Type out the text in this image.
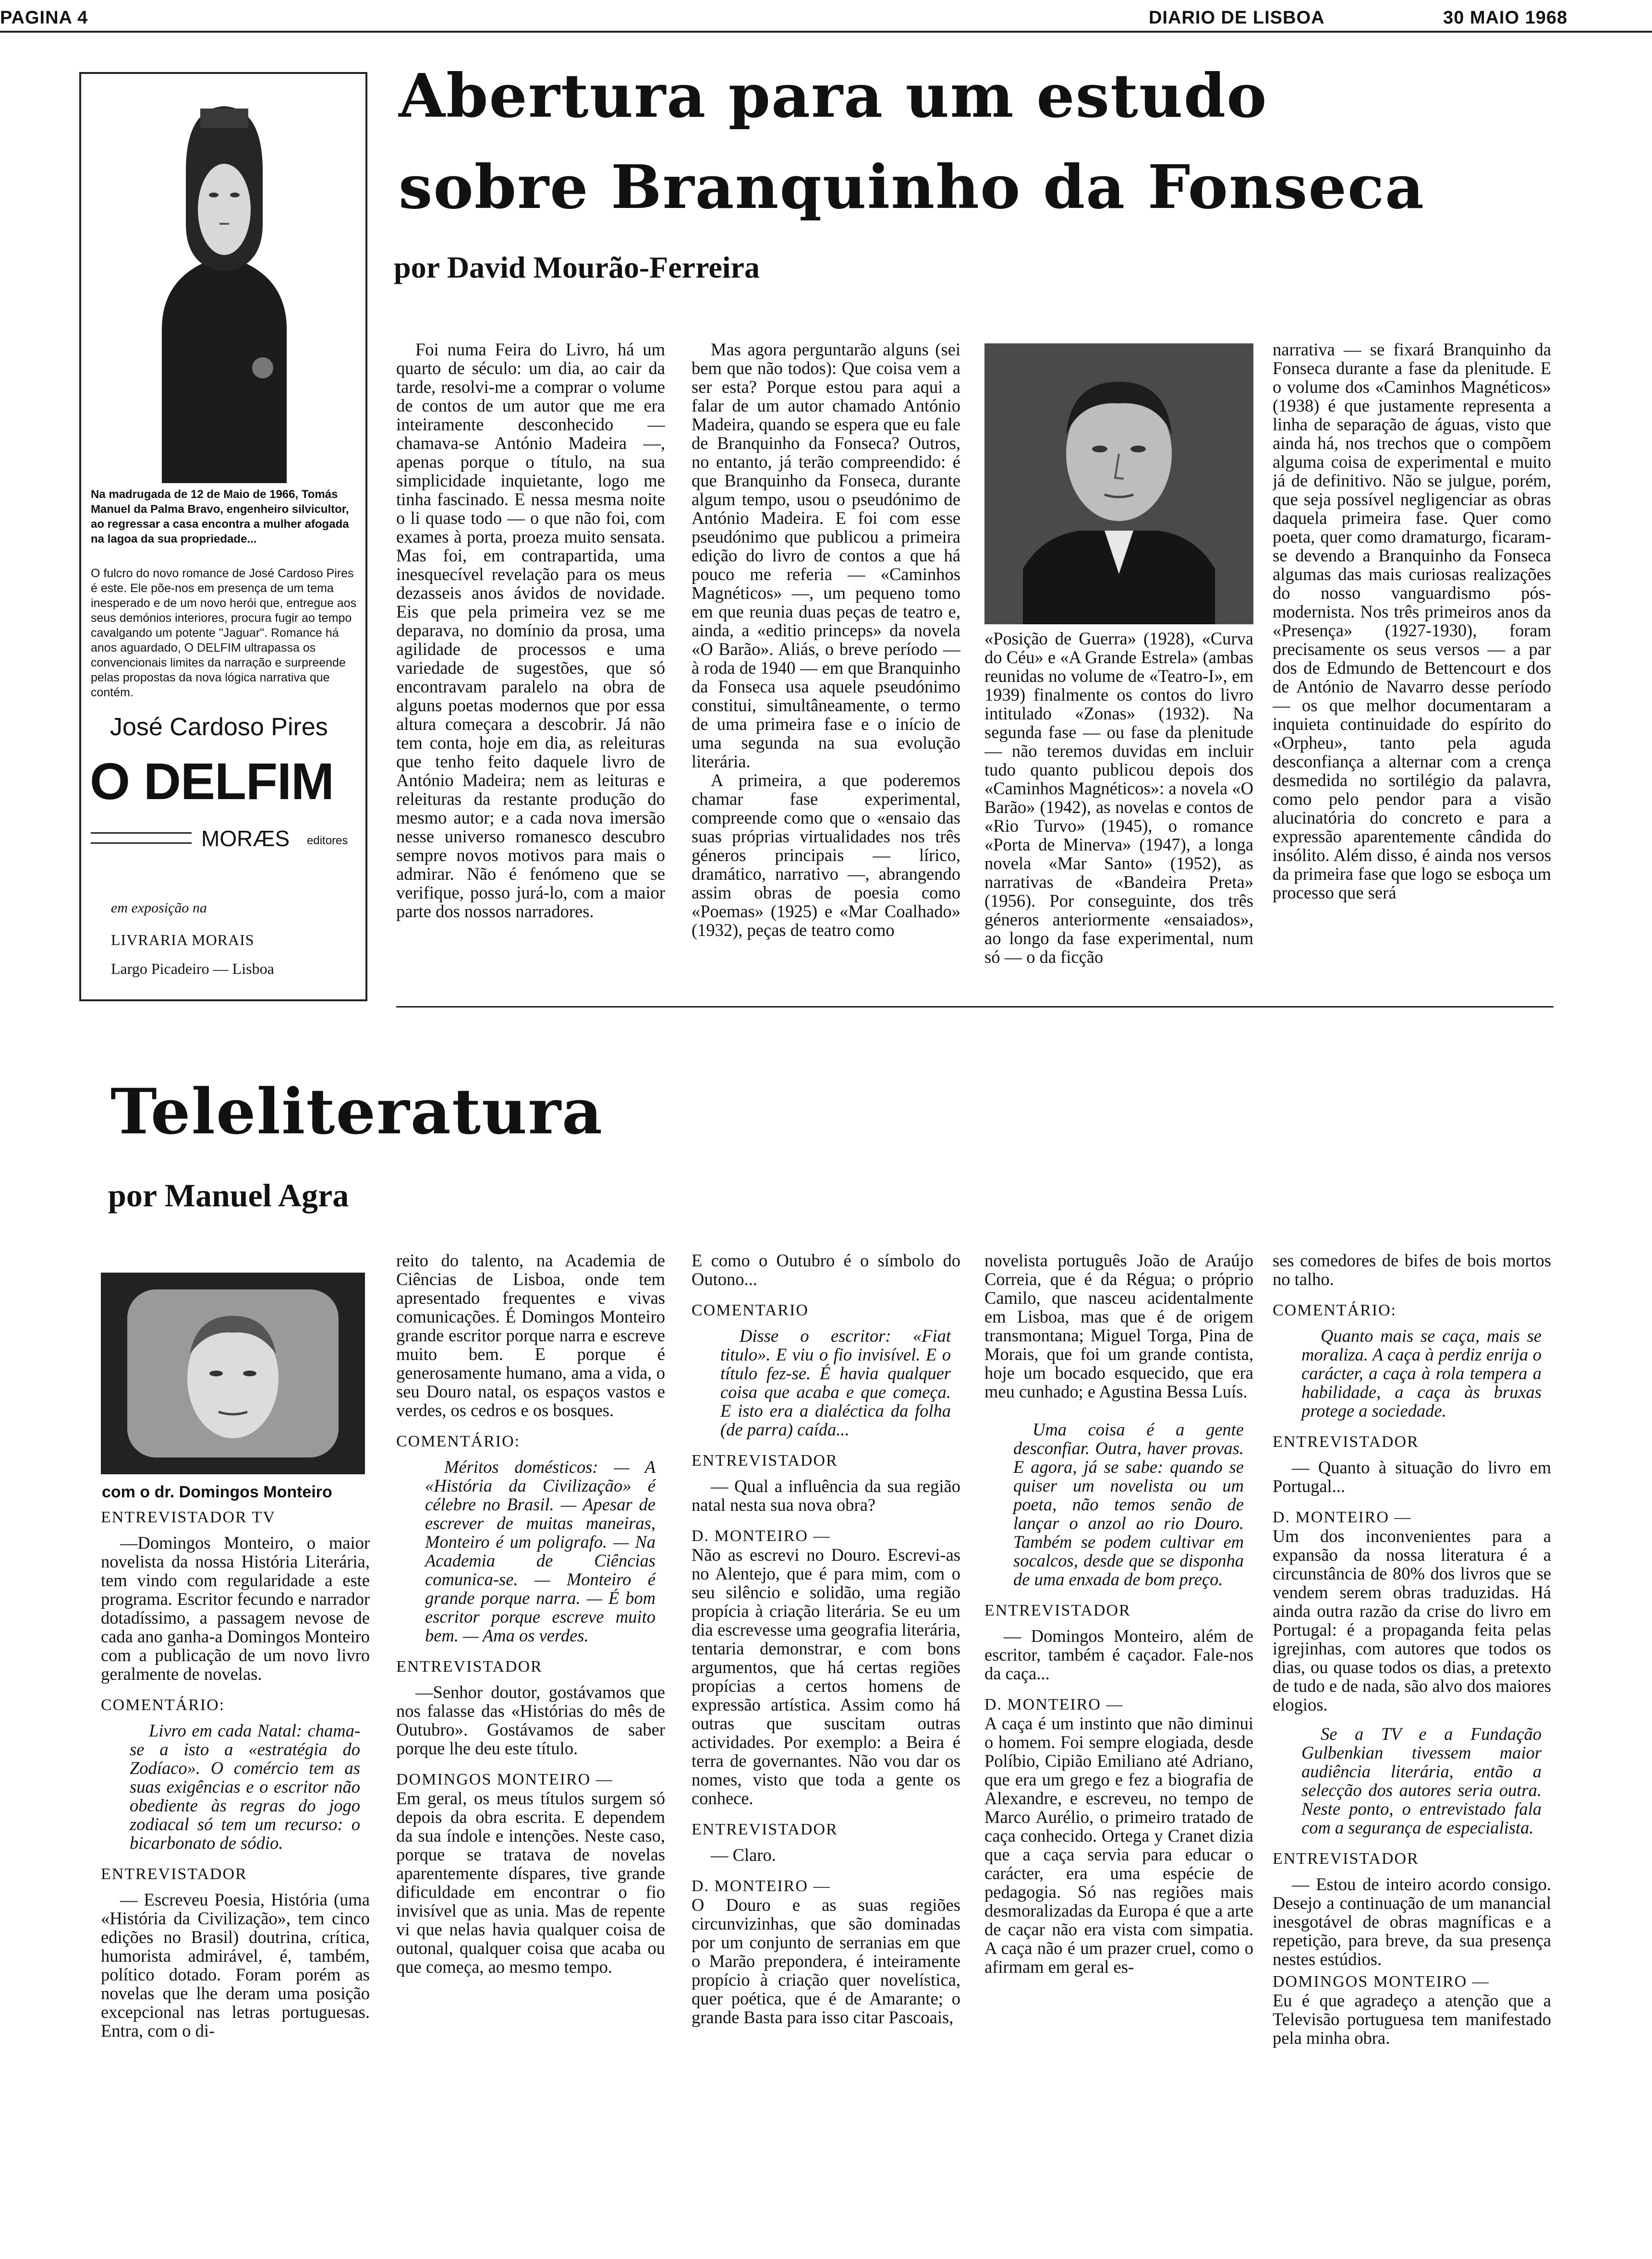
PAGINA 4	DIARIO DE LISBOA	30 MAIO 1968
Na madrugada de 12 de Maio de 1966, Tomás Manuel da Palma Bravo, engenheiro silvicultor, ao regressar a casa encontra a mulher afogada na lagoa da sua propriedade...
O fulcro do novo romance de José Cardoso Pires é este. Ele põe-nos em presença de um tema inesperado e de um novo herói que, entregue aos seus demónios interiores, procura fugir ao tempo cavalgando um potente "Jaguar". Romance há anos aguardado, O DELFIM ultrapassa os convencionais limites da narração e surpreende pelas propostas da nova lógica narrativa que contém.
José Cardoso Pires
O DELFIM
MORÆS editores
em exposição na
LIVRARIA MORAIS
Largo Picadeiro — Lisboa
Abertura para um estudo
sobre Branquinho da Fonseca
por David Mourão-Ferreira

Foi numa Feira do Livro, há um quarto de século: um dia, ao cair da tarde, resolvi-me a comprar o volume de contos de um autor que me era inteiramente desconhecido — chamava-se António Madeira —, apenas porque o título, na sua simplicidade inquietante, logo me tinha fascinado. E nessa mesma noite o li quase todo — o que não foi, com exames à porta, proeza muito sensata. Mas foi, em contrapartida, uma inesquecível revelação para os meus dezasseis anos ávidos de novidade. Eis que pela primeira vez se me deparava, no domínio da prosa, uma agilidade de processos e uma variedade de sugestões, que só encontravam paralelo na obra de alguns poetas modernos que por essa altura começara a descobrir. Já não tem conta, hoje em dia, as releituras que tenho feito daquele livro de António Madeira; nem as leituras e releituras da restante produção do mesmo autor; e a cada nova imersão nesse universo romanesco descubro sempre novos motivos para mais o admirar. Não é fenómeno que se verifique, posso jurá-lo, com a maior parte dos nossos narradores.

Mas agora perguntarão alguns (sei bem que não todos): Que coisa vem a ser esta? Porque estou para aqui a falar de um autor chamado António Madeira, quando se espera que eu fale de Branquinho da Fonseca? Outros, no entanto, já terão compreendido: é que Branquinho da Fonseca, durante algum tempo, usou o pseudónimo de António Madeira. E foi com esse pseudónimo que publicou a primeira edição do livro de contos a que há pouco me referia — «Caminhos Magnéticos» —, um pequeno tomo em que reunia duas peças de teatro e, ainda, a «editio princeps» da novela «O Barão». Aliás, o breve período — à roda de 1940 — em que Branquinho da Fonseca usa aquele pseudónimo constitui, simultâneamente, o termo de uma primeira fase e o início de uma segunda na sua evolução literária.

A primeira, a que poderemos chamar fase experimental, compreende como que o «ensaio das suas próprias virtualidades nos três géneros principais — lírico, dramático, narrativo —, abrangendo assim obras de poesia como «Poemas» (1925) e «Mar Coalhado» (1932), peças de teatro como

«Posição de Guerra» (1928), «Curva do Céu» e «A Grande Estrela» (ambas reunidas no volume de «Teatro-I», em 1939) finalmente os contos do livro intitulado «Zonas» (1932). Na segunda fase — ou fase da plenitude — não teremos duvidas em incluir tudo quanto publicou depois dos «Caminhos Magnéticos»: a novela «O Barão» (1942), as novelas e contos de «Rio Turvo» (1945), o romance «Porta de Minerva» (1947), a longa novela «Mar Santo» (1952), as narrativas de «Bandeira Preta» (1956). Por conseguinte, dos três géneros anteriormente «ensaiados», ao longo da fase experimental, num só — o da ficção

narrativa — se fixará Branquinho da Fonseca durante a fase da plenitude. E o volume dos «Caminhos Magnéticos» (1938) é que justamente representa a linha de separação de águas, visto que ainda há, nos trechos que o compõem alguma coisa de experimental e muito já de definitivo. Não se julgue, porém, que seja possível negligenciar as obras daquela primeira fase. Quer como poeta, quer como dramaturgo, ficaram-se devendo a Branquinho da Fonseca algumas das mais curiosas realizações do nosso vanguardismo pós-modernista. Nos três primeiros anos da «Presença» (1927-1930), foram precisamente os seus versos — a par dos de Edmundo de Bettencourt e dos de António de Navarro desse período — os que melhor documentaram a inquieta continuidade do espírito do «Orpheu», tanto pela aguda desconfiança a alternar com a crença desmedida no sortilégio da palavra, como pelo pendor para a visão alucinatória do concreto e para a expressão aparentemente cândida do insólito. Além disso, é ainda nos versos da primeira fase que logo se esboça um processo que será

Teleliteratura
por Manuel Agra
com o dr. Domingos Monteiro

ENTREVISTADOR TV

—Domingos Monteiro, o maior novelista da nossa História Literária, tem vindo com regularidade a este programa. Escritor fecundo e narrador dotadíssimo, a passagem nevose de cada ano ganha-a Domingos Monteiro com a publicação de um novo livro geralmente de novelas.

COMENTÁRIO:

Livro em cada Natal: chama-se a isto a «estratégia do Zodíaco». O comércio tem as suas exigências e o escritor não obediente às regras do jogo zodiacal só tem um recurso: o bicarbonato de sódio.

ENTREVISTADOR

— Escreveu Poesia, História (uma «História da Civilização», tem cinco edições no Brasil) doutrina, crítica, humorista admirável, é, também, político dotado. Foram porém as novelas que lhe deram uma posição excepcional nas letras portuguesas. Entra, com o di-

reito do talento, na Academia de Ciências de Lisboa, onde tem apresentado frequentes e vivas comunicações. É Domingos Monteiro grande escritor porque narra e escreve muito bem. E porque é generosamente humano, ama a vida, o seu Douro natal, os espaços vastos e verdes, os cedros e os bosques.

COMENTÁRIO:

Méritos domésticos: — A «História da Civilização» é célebre no Brasil. — Apesar de escrever de muitas maneiras, Monteiro é um poligrafo. — Na Academia de Ciências comunica-se. — Monteiro é grande porque narra. — É bom escritor porque escreve muito bem. — Ama os verdes.

ENTREVISTADOR

—Senhor doutor, gostávamos que nos falasse das «Histórias do mês de Outubro». Gostávamos de saber porque lhe deu este título.

DOMINGOS MONTEIRO —

Em geral, os meus títulos surgem só depois da obra escrita. E dependem da sua índole e intenções. Neste caso, porque se tratava de novelas aparentemente díspares, tive grande dificuldade em encontrar o fio invisível que as unia. Mas de repente vi que nelas havia qualquer coisa de outonal, qualquer coisa que acaba ou que começa, ao mesmo tempo.

E como o Outubro é o símbolo do Outono...

COMENTARIO

Disse o escritor: «Fiat titulo». E viu o fio invisível. E o título fez-se. É havia qualquer coisa que acaba e que começa. E isto era a dialéctica da folha (de parra) caída...

ENTREVISTADOR

— Qual a influência da sua região natal nesta sua nova obra?

D. MONTEIRO —

Não as escrevi no Douro. Escrevi-as no Alentejo, que é para mim, com o seu silêncio e solidão, uma região propícia à criação literária. Se eu um dia escrevesse uma geografia literária, tentaria demonstrar, e com bons argumentos, que há certas regiões propícias a certos homens de expressão artística. Assim como há outras que suscitam outras actividades. Por exemplo: a Beira é terra de governantes. Não vou dar os nomes, visto que toda a gente os conhece.

ENTREVISTADOR

— Claro.

D. MONTEIRO —

O Douro e as suas regiões circunvizinhas, que são dominadas por um conjunto de serranias em que o Marão prepondera, é inteiramente propício à criação quer novelística, quer poética, que é de Amarante; o grande Basta para isso citar Pascoais,

novelista português João de Araújo Correia, que é da Régua; o próprio Camilo, que nasceu acidentalmente em Lisboa, mas que é de origem transmontana; Miguel Torga, Pina de Morais, que foi um grande contista, hoje um bocado esquecido, que era meu cunhado; e Agustina Bessa Luís.

Uma coisa é a gente desconfiar. Outra, haver provas. E agora, já se sabe: quando se quiser um novelista ou um poeta, não temos senão de lançar o anzol ao rio Douro. Também se podem cultivar em socalcos, desde que se disponha de uma enxada de bom preço.

ENTREVISTADOR

— Domingos Monteiro, além de escritor, também é caçador. Fale-nos da caça...

D. MONTEIRO —

A caça é um instinto que não diminui o homem. Foi sempre elogiada, desde Políbio, Cipião Emiliano até Adriano, que era um grego e fez a biografia de Alexandre, e escreveu, no tempo de Marco Aurélio, o primeiro tratado de caça conhecido. Ortega y Cranet dizia que a caça servia para educar o carácter, era uma espécie de pedagogia. Só nas regiões mais desmoralizadas da Europa é que a arte de caçar não era vista com simpatia. A caça não é um prazer cruel, como o afirmam em geral es-

ses comedores de bifes de bois mortos no talho.

COMENTÁRIO:

Quanto mais se caça, mais se moraliza. A caça à perdiz enrija o carácter, a caça à rola tempera a habilidade, a caça às bruxas protege a sociedade.

ENTREVISTADOR

— Quanto à situação do livro em Portugal...

D. MONTEIRO —

Um dos inconvenientes para a expansão da nossa literatura é a circunstância de 80% dos livros que se vendem serem obras traduzidas. Há ainda outra razão da crise do livro em Portugal: é a propaganda feita pelas igrejinhas, com autores que todos os dias, ou quase todos os dias, a pretexto de tudo e de nada, são alvo dos maiores elogios.

Se a TV e a Fundação Gulbenkian tivessem maior audiência literária, então a selecção dos autores seria outra. Neste ponto, o entrevistado fala com a segurança de especialista.

ENTREVISTADOR

— Estou de inteiro acordo consigo. Desejo a continuação de um manancial inesgotável de obras magníficas e a repetição, para breve, da sua presença nestes estúdios.

DOMINGOS MONTEIRO —

Eu é que agradeço a atenção que a Televisão portuguesa tem manifestado pela minha obra.
